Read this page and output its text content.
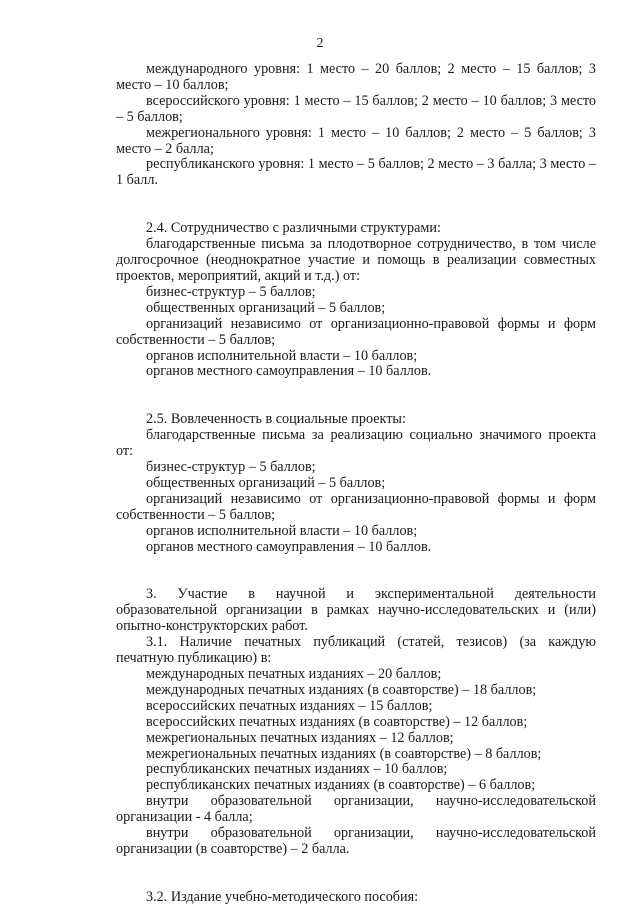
2

международного уровня: 1 место – 20 баллов; 2 место – 15 баллов; 3 место – 10 баллов;

всероссийского уровня: 1 место – 15 баллов; 2 место – 10 баллов; 3 место – 5 баллов;

межрегионального уровня: 1 место – 10 баллов; 2 место – 5 баллов; 3 место – 2 балла;

республиканского уровня: 1 место – 5 баллов; 2 место – 3 балла; 3 место – 1 балл.

2.4. Сотрудничество с различными структурами:

благодарственные письма за плодотворное сотрудничество, в том числе долгосрочное (неоднократное участие и помощь в реализации совместных проектов, мероприятий, акций и т.д.) от:

бизнес-структур – 5 баллов;

общественных организаций – 5 баллов;

организаций независимо от организационно-правовой формы и форм собственности – 5 баллов;

органов исполнительной власти – 10 баллов;

органов местного самоуправления – 10 баллов.

2.5. Вовлеченность в социальные проекты:

благодарственные письма за реализацию социально значимого проекта от:

бизнес-структур – 5 баллов;

общественных организаций – 5 баллов;

организаций независимо от организационно-правовой формы и форм собственности – 5 баллов;

органов исполнительной власти – 10 баллов;

органов местного самоуправления – 10 баллов.

3. Участие в научной и экспериментальной деятельности образовательной организации в рамках научно-исследовательских и (или) опытно-конструкторских работ.

3.1. Наличие печатных публикаций (статей, тезисов) (за каждую печатную публикацию) в:

международных печатных изданиях – 20 баллов;

международных печатных изданиях (в соавторстве) – 18 баллов;

всероссийских печатных изданиях – 15 баллов;

всероссийских печатных изданиях (в соавторстве) – 12 баллов;

межрегиональных печатных изданиях – 12 баллов;

межрегиональных печатных изданиях (в соавторстве) – 8 баллов;

республиканских печатных изданиях – 10 баллов;

республиканских печатных изданиях (в соавторстве) – 6 баллов;

внутри образовательной организации, научно-исследовательской организации - 4 балла;

внутри образовательной организации, научно-исследовательской организации (в соавторстве) – 2 балла.

3.2. Издание учебно-методического пособия:
